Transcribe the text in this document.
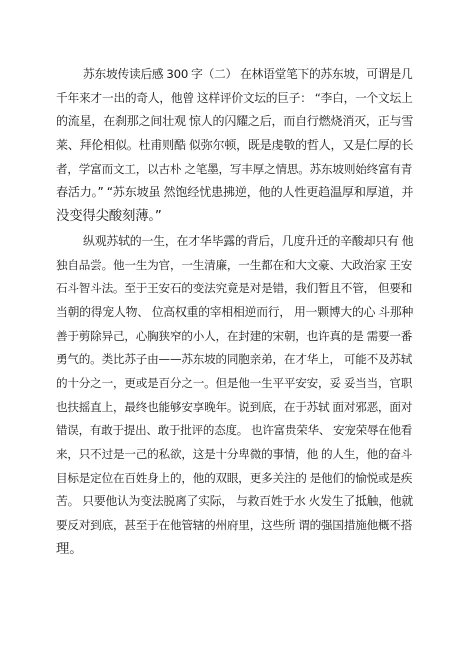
苏东坡传读后感 300 字（二） 在林语堂笔下的苏东坡，可谓是几

千年来才一出的奇人，他曾 这样评价文坛的巨子： “李白，一个文坛上

的流星，在刹那之间壮观 惊人的闪耀之后，而自行燃烧消灭，正与雪

莱、拜伦相似。杜甫则酷 似弥尔顿，既是虔敬的哲人，又是仁厚的长

者，学富而文工，以古朴 之笔墨，写丰厚之情思。苏东坡则始终富有青

春活力。” “苏东坡虽 然饱经忧患拂逆，他的人性更趋温厚和厚道，并

没变得尖酸刻薄。”

纵观苏轼的一生，在才华毕露的背后，几度升迁的辛酸却只有 他

独自品尝。他一生为官，一生清廉，一生都在和大文豪、大政治家 王安

石斗智斗法。至于王安石的变法究竟是对是错，我们暂且不管， 但要和

当朝的得宠人物、 位高权重的宰相相逆而行， 用一颗博大的心 斗那种

善于剪除异己，心胸狭窄的小人，在封建的宋朝，也许真的是 需要一番

勇气的。类比苏子由——苏东坡的同胞亲弟，在才华上， 可能不及苏轼

的十分之一，更或是百分之一。但是他一生平平安安，妥 妥当当，官职

也扶摇直上，最终也能够安享晚年。说到底，在于苏轼 面对邪恶，面对

错误，有敢于提出、敢于批评的态度。 也许富贵荣华、 安宠荣辱在他看

来，只不过是一己的私欲，这是十分卑微的事情，他 的人生，他的奋斗

目标是定位在百姓身上的，他的双眼，更多关注的 是他们的愉悦或是疾

苦。 只要他认为变法脱离了实际， 与救百姓于水 火发生了抵触，他就

要反对到底，甚至于在他管辖的州府里，这些所 谓的强国措施他概不搭

理。
